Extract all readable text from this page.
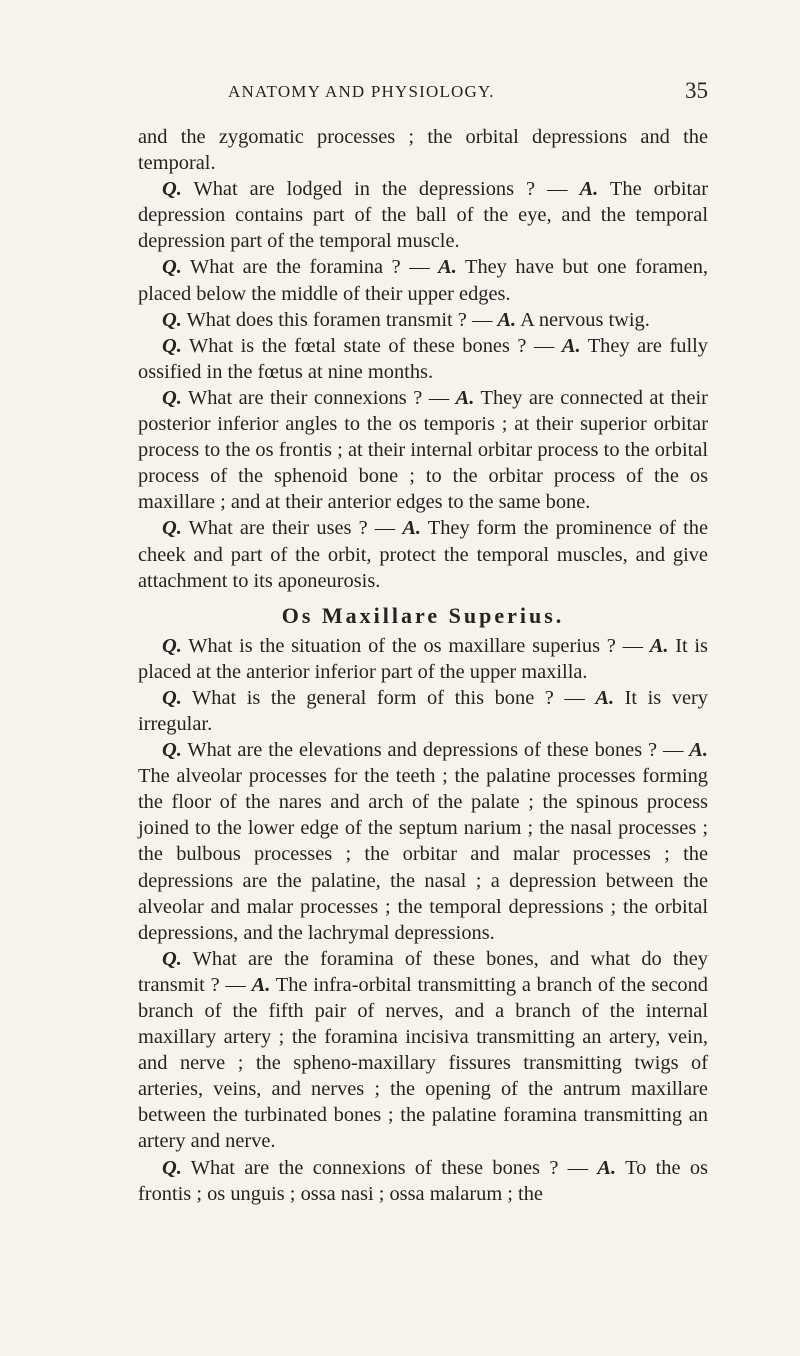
ANATOMY AND PHYSIOLOGY.	35

and the zygomatic processes ; the orbital depressions and the temporal.

Q. What are lodged in the depressions ? — A. The orbitar depression contains part of the ball of the eye, and the temporal depression part of the temporal muscle.

Q. What are the foramina ? — A. They have but one foramen, placed below the middle of their upper edges.

Q. What does this foramen transmit ? — A. A nervous twig.

Q. What is the fœtal state of these bones ? — A. They are fully ossified in the fœtus at nine months.

Q. What are their connexions ? — A. They are connected at their posterior inferior angles to the os temporis ; at their superior orbitar process to the os frontis ; at their internal orbitar process to the orbital process of the sphenoid bone ; to the orbitar process of the os maxillare ; and at their anterior edges to the same bone.

Q. What are their uses ? — A. They form the prominence of the cheek and part of the orbit, protect the temporal muscles, and give attachment to its aponeurosis.

Os Maxillare Superius.

Q. What is the situation of the os maxillare superius ? — A. It is placed at the anterior inferior part of the upper maxilla.

Q. What is the general form of this bone ? — A. It is very irregular.

Q. What are the elevations and depressions of these bones ? — A. The alveolar processes for the teeth ; the palatine processes forming the floor of the nares and arch of the palate ; the spinous process joined to the lower edge of the septum narium ; the nasal processes ; the bulbous processes ; the orbitar and malar processes ; the depressions are the palatine, the nasal ; a depression between the alveolar and malar processes ; the temporal depressions ; the orbital depressions, and the lachrymal depressions.

Q. What are the foramina of these bones, and what do they transmit ? — A. The infra-orbital transmitting a branch of the second branch of the fifth pair of nerves, and a branch of the internal maxillary artery ; the foramina incisiva transmitting an artery, vein, and nerve ; the spheno-maxillary fissures transmitting twigs of arteries, veins, and nerves ; the opening of the antrum maxillare between the turbinated bones ; the palatine foramina transmitting an artery and nerve.

Q. What are the connexions of these bones ? — A. To the os frontis ; os unguis ; ossa nasi ; ossa malarum ; the
